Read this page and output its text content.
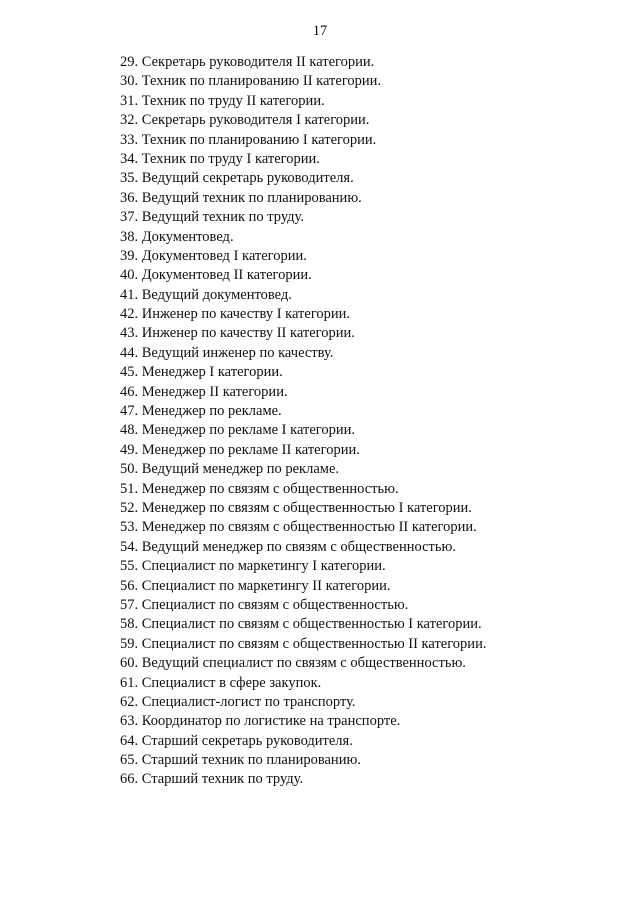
17
29. Секретарь руководителя II категории.
30. Техник по планированию II категории.
31. Техник по труду II категории.
32. Секретарь руководителя I категории.
33. Техник по планированию I категории.
34. Техник по труду I категории.
35. Ведущий секретарь руководителя.
36. Ведущий техник по планированию.
37. Ведущий техник по труду.
38. Документовед.
39. Документовед I категории.
40. Документовед II категории.
41. Ведущий документовед.
42. Инженер по качеству I категории.
43. Инженер по качеству II категории.
44. Ведущий инженер по качеству.
45. Менеджер I категории.
46. Менеджер II категории.
47. Менеджер по рекламе.
48. Менеджер по рекламе I категории.
49. Менеджер по рекламе II категории.
50. Ведущий менеджер по рекламе.
51. Менеджер по связям с общественностью.
52. Менеджер по связям с общественностью I категории.
53. Менеджер по связям с общественностью II категории.
54. Ведущий менеджер по связям с общественностью.
55. Специалист по маркетингу I категории.
56. Специалист по маркетингу II категории.
57. Специалист по связям с общественностью.
58. Специалист по связям с общественностью I категории.
59. Специалист по связям с общественностью II категории.
60. Ведущий специалист по связям с общественностью.
61. Специалист в сфере закупок.
62. Специалист-логист по транспорту.
63. Координатор по логистике на транспорте.
64. Старший секретарь руководителя.
65. Старший техник по планированию.
66. Старший техник по труду.
